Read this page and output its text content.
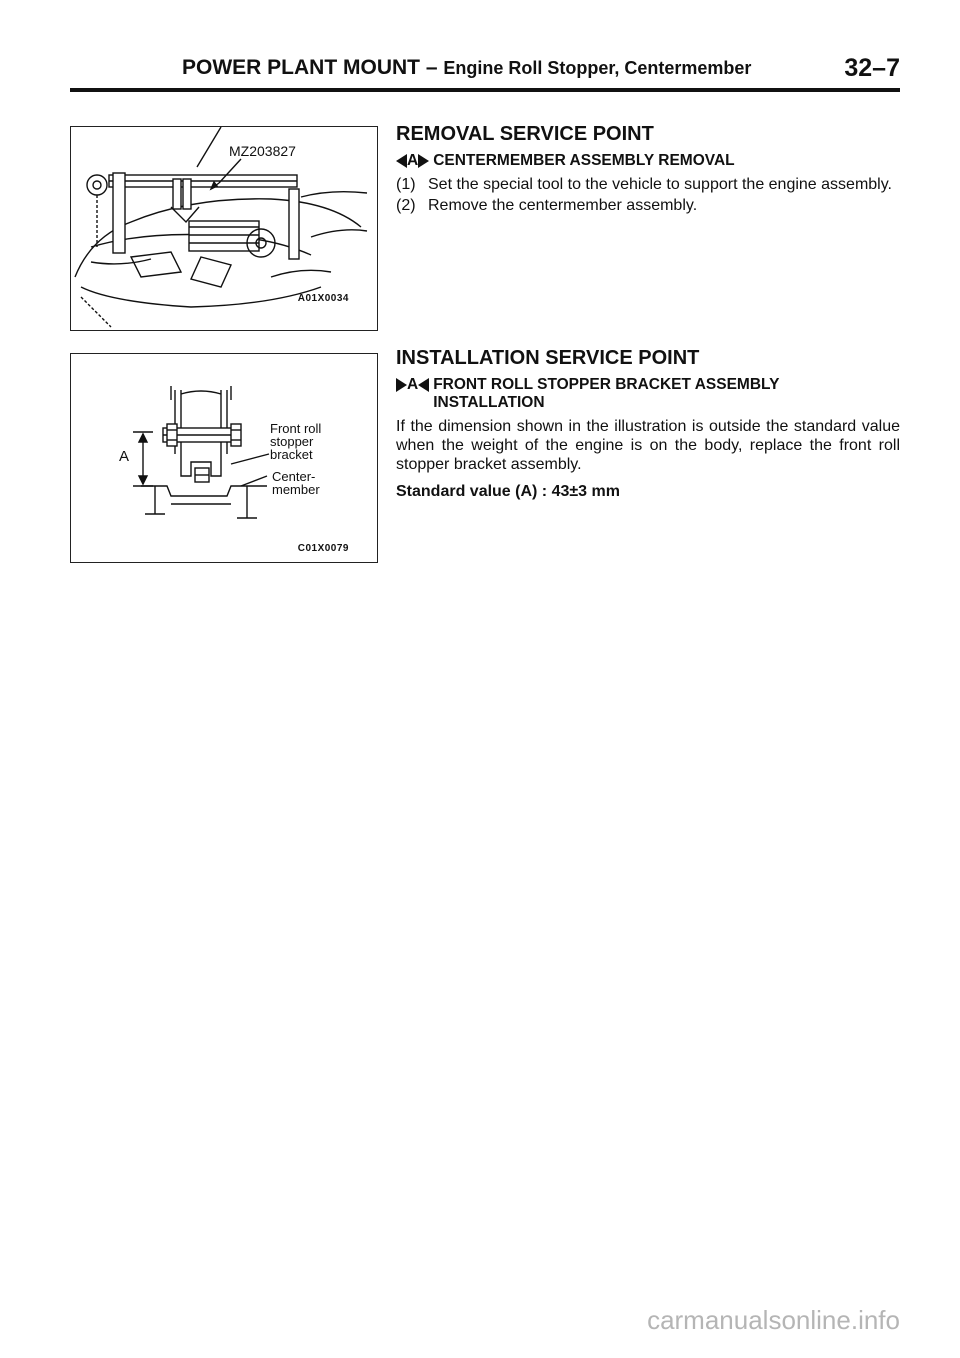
POWER PLANT MOUNT – Engine Roll Stopper, Centermember	32–7
MZ203827
A01X0034
A
Front roll
stopper
bracket
Center-
member
C01X0079
REMOVAL SERVICE POINT
A CENTERMEMBER ASSEMBLY REMOVAL
(1) Set the special tool to the vehicle to support the engine assembly.
(2) Remove the centermember assembly.
INSTALLATION SERVICE POINT
A FRONT ROLL STOPPER BRACKET ASSEMBLY
INSTALLATION
If the dimension shown in the illustration is outside the standard value when the weight of the engine is on the body, replace the front roll stopper bracket assembly.
Standard value (A) : 43±3 mm
carmanualsonline.info
